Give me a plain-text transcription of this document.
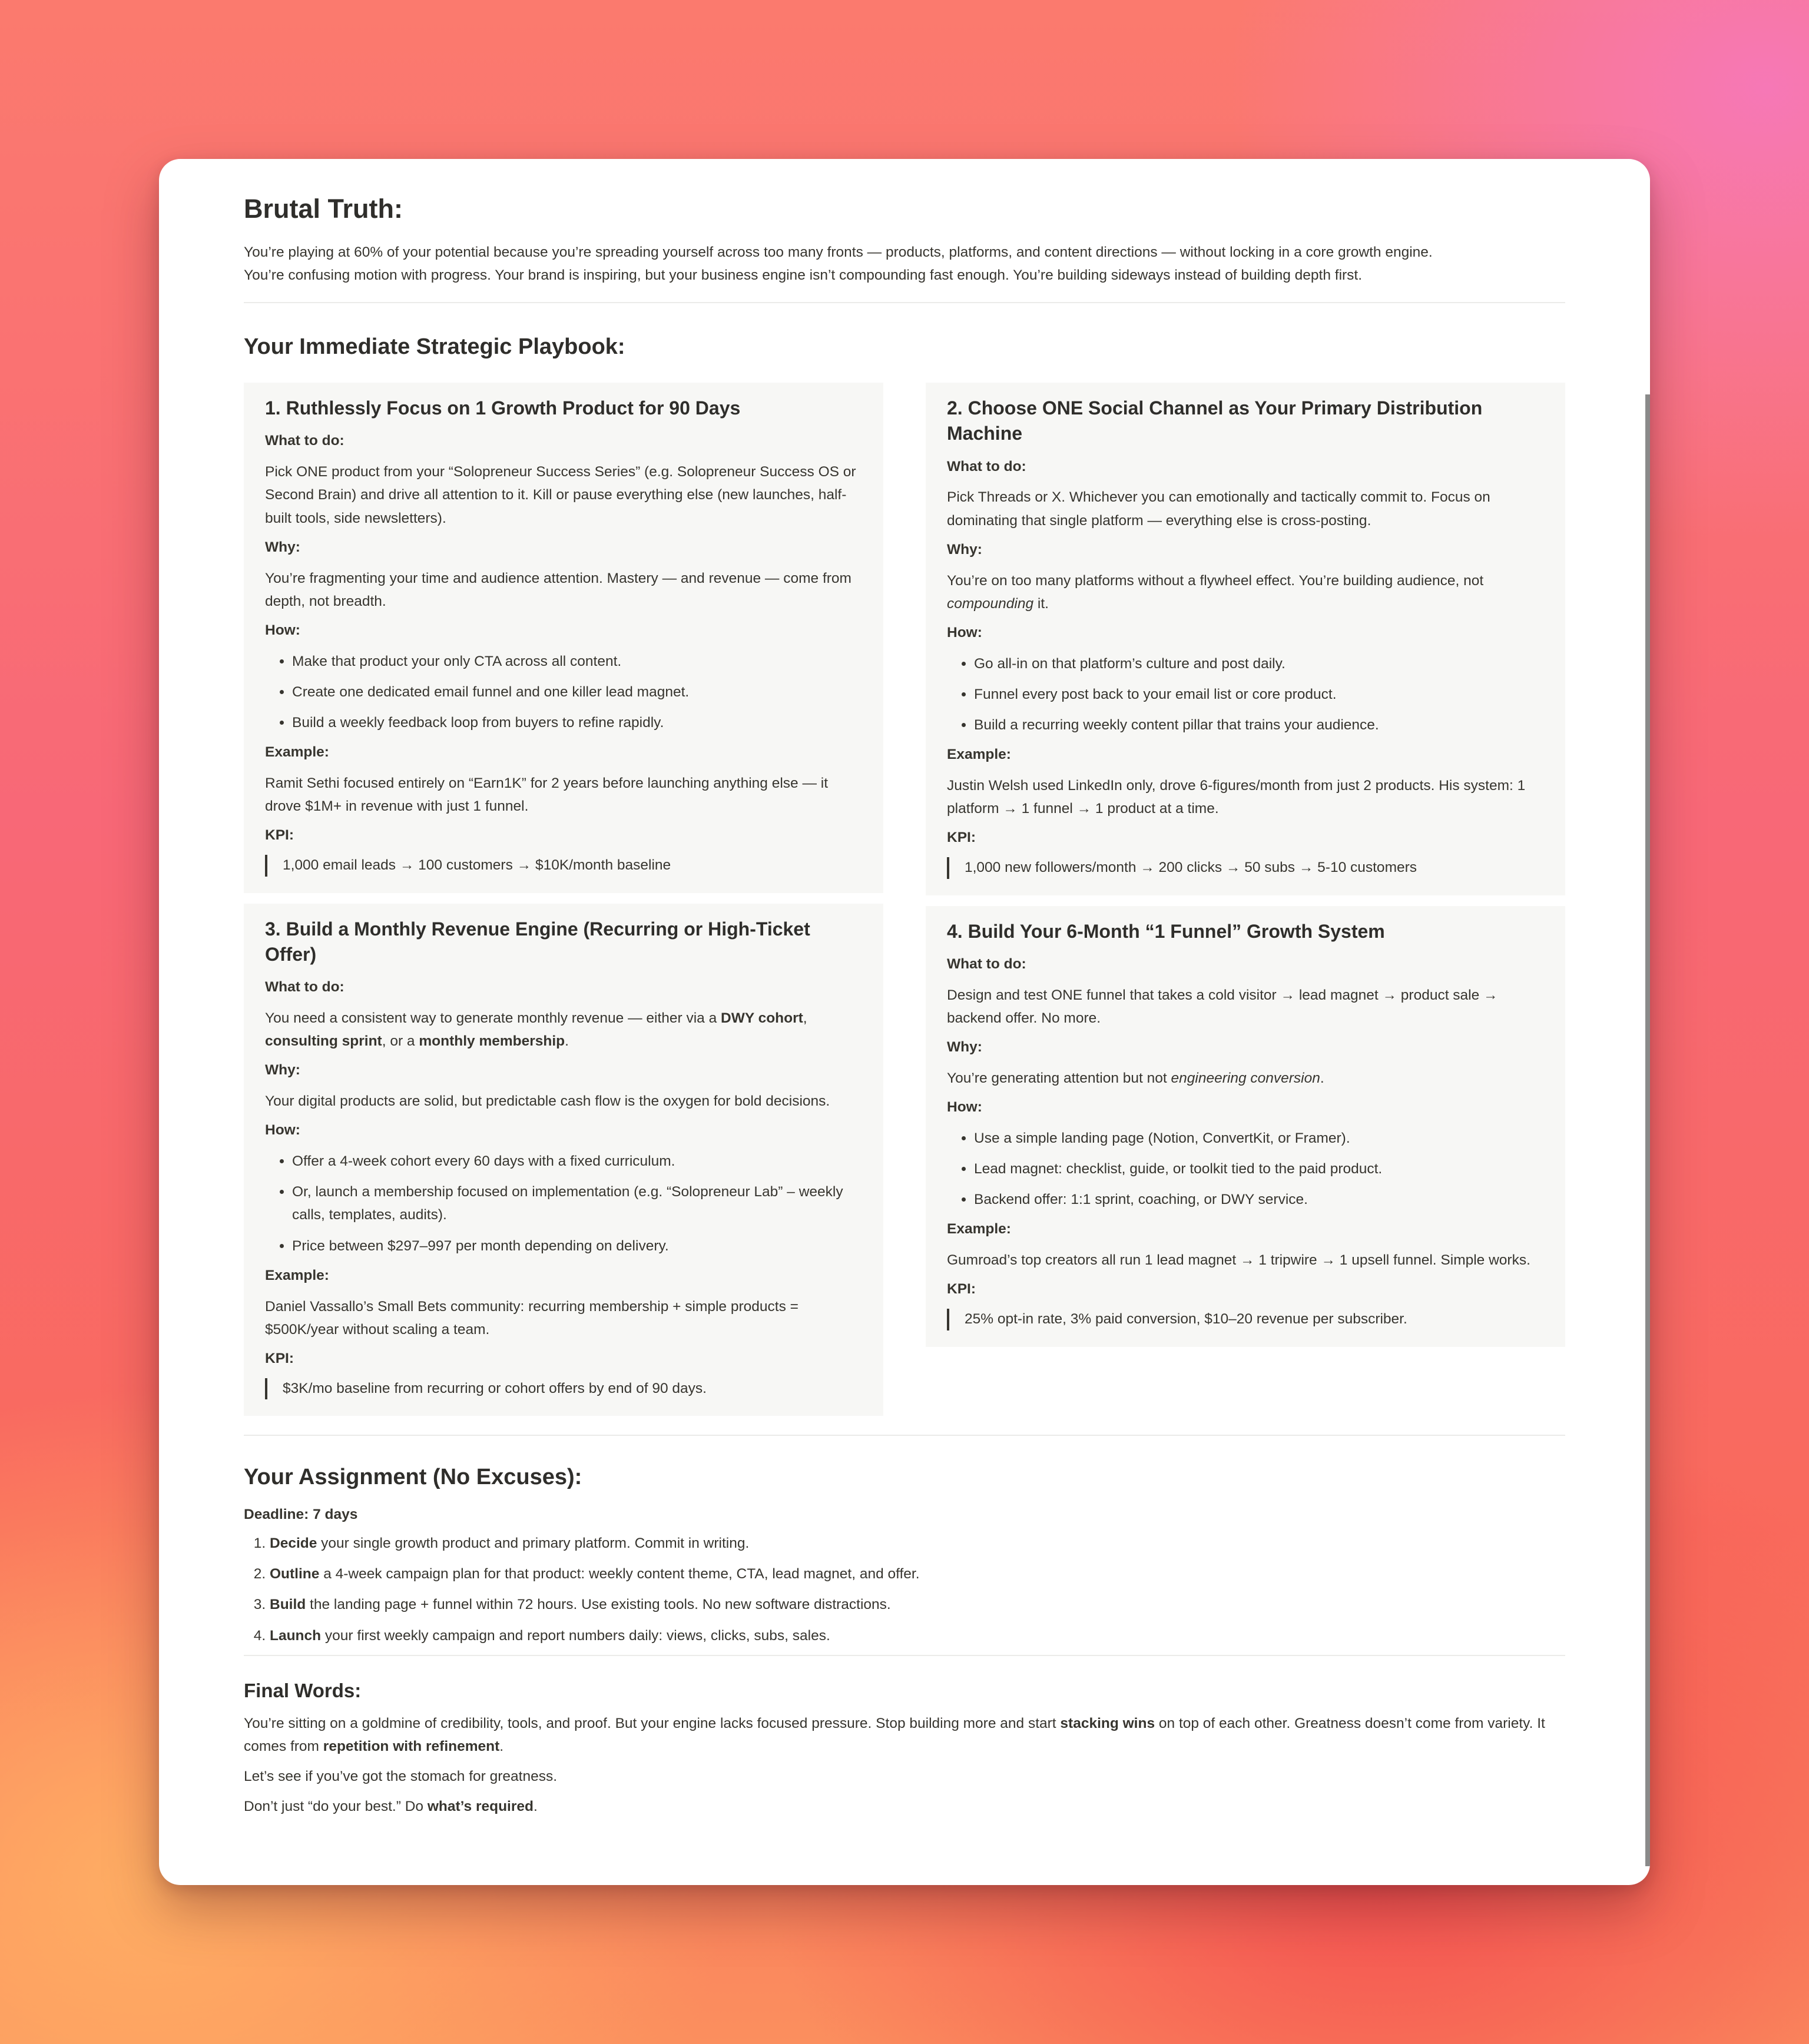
Brutal Truth:

You’re playing at 60% of your potential because you’re spreading yourself across too many fronts — products, platforms, and content directions — without locking in a core growth engine.

You’re confusing motion with progress. Your brand is inspiring, but your business engine isn’t compounding fast enough. You’re building sideways instead of building depth first.

Your Immediate Strategic Playbook:
1. Ruthlessly Focus on 1 Growth Product for 90 Days
What to do:

Pick ONE product from your “Solopreneur Success Series” (e.g. Solopreneur Success OS or Second Brain) and drive all attention to it. Kill or pause everything else (new launches, half-built tools, side newsletters).

Why:

You’re fragmenting your time and audience attention. Mastery — and revenue — come from depth, not breadth.

How:
• Make that product your only CTA across all content.
• Create one dedicated email funnel and one killer lead magnet.
• Build a weekly feedback loop from buyers to refine rapidly.
Example:

Ramit Sethi focused entirely on “Earn1K” for 2 years before launching anything else — it drove $1M+ in revenue with just 1 funnel.

KPI:
1,000 email leads → 100 customers → $10K/month baseline
3. Build a Monthly Revenue Engine (Recurring or High-Ticket Offer)
What to do:

You need a consistent way to generate monthly revenue — either via a DWY cohort, consulting sprint, or a monthly membership.

Why:

Your digital products are solid, but predictable cash flow is the oxygen for bold decisions.

How:
• Offer a 4-week cohort every 60 days with a fixed curriculum.
• Or, launch a membership focused on implementation (e.g. “Solopreneur Lab” – weekly calls, templates, audits).
• Price between $297–997 per month depending on delivery.
Example:

Daniel Vassallo’s Small Bets community: recurring membership + simple products = $500K/year without scaling a team.

KPI:
$3K/mo baseline from recurring or cohort offers by end of 90 days.
2. Choose ONE Social Channel as Your Primary Distribution Machine
What to do:

Pick Threads or X. Whichever you can emotionally and tactically commit to. Focus on dominating that single platform — everything else is cross-posting.

Why:

You’re on too many platforms without a flywheel effect. You’re building audience, not compounding it.

How:
• Go all-in on that platform’s culture and post daily.
• Funnel every post back to your email list or core product.
• Build a recurring weekly content pillar that trains your audience.
Example:

Justin Welsh used LinkedIn only, drove 6-figures/month from just 2 products. His system: 1 platform → 1 funnel → 1 product at a time.

KPI:
1,000 new followers/month → 200 clicks → 50 subs → 5-10 customers
4. Build Your 6-Month “1 Funnel” Growth System
What to do:

Design and test ONE funnel that takes a cold visitor → lead magnet → product sale → backend offer. No more.

Why:

You’re generating attention but not engineering conversion.

How:
• Use a simple landing page (Notion, ConvertKit, or Framer).
• Lead magnet: checklist, guide, or toolkit tied to the paid product.
• Backend offer: 1:1 sprint, coaching, or DWY service.
Example:

Gumroad’s top creators all run 1 lead magnet → 1 tripwire → 1 upsell funnel. Simple works.

KPI:
25% opt-in rate, 3% paid conversion, $10–20 revenue per subscriber.
Your Assignment (No Excuses):
Deadline: 7 days
1. Decide your single growth product and primary platform. Commit in writing.
2. Outline a 4-week campaign plan for that product: weekly content theme, CTA, lead magnet, and offer.
3. Build the landing page + funnel within 72 hours. Use existing tools. No new software distractions.
4. Launch your first weekly campaign and report numbers daily: views, clicks, subs, sales.
Final Words:

You’re sitting on a goldmine of credibility, tools, and proof. But your engine lacks focused pressure. Stop building more and start stacking wins on top of each other. Greatness doesn’t come from variety. It comes from repetition with refinement.

Let’s see if you’ve got the stomach for greatness.

Don’t just “do your best.” Do what’s required.
